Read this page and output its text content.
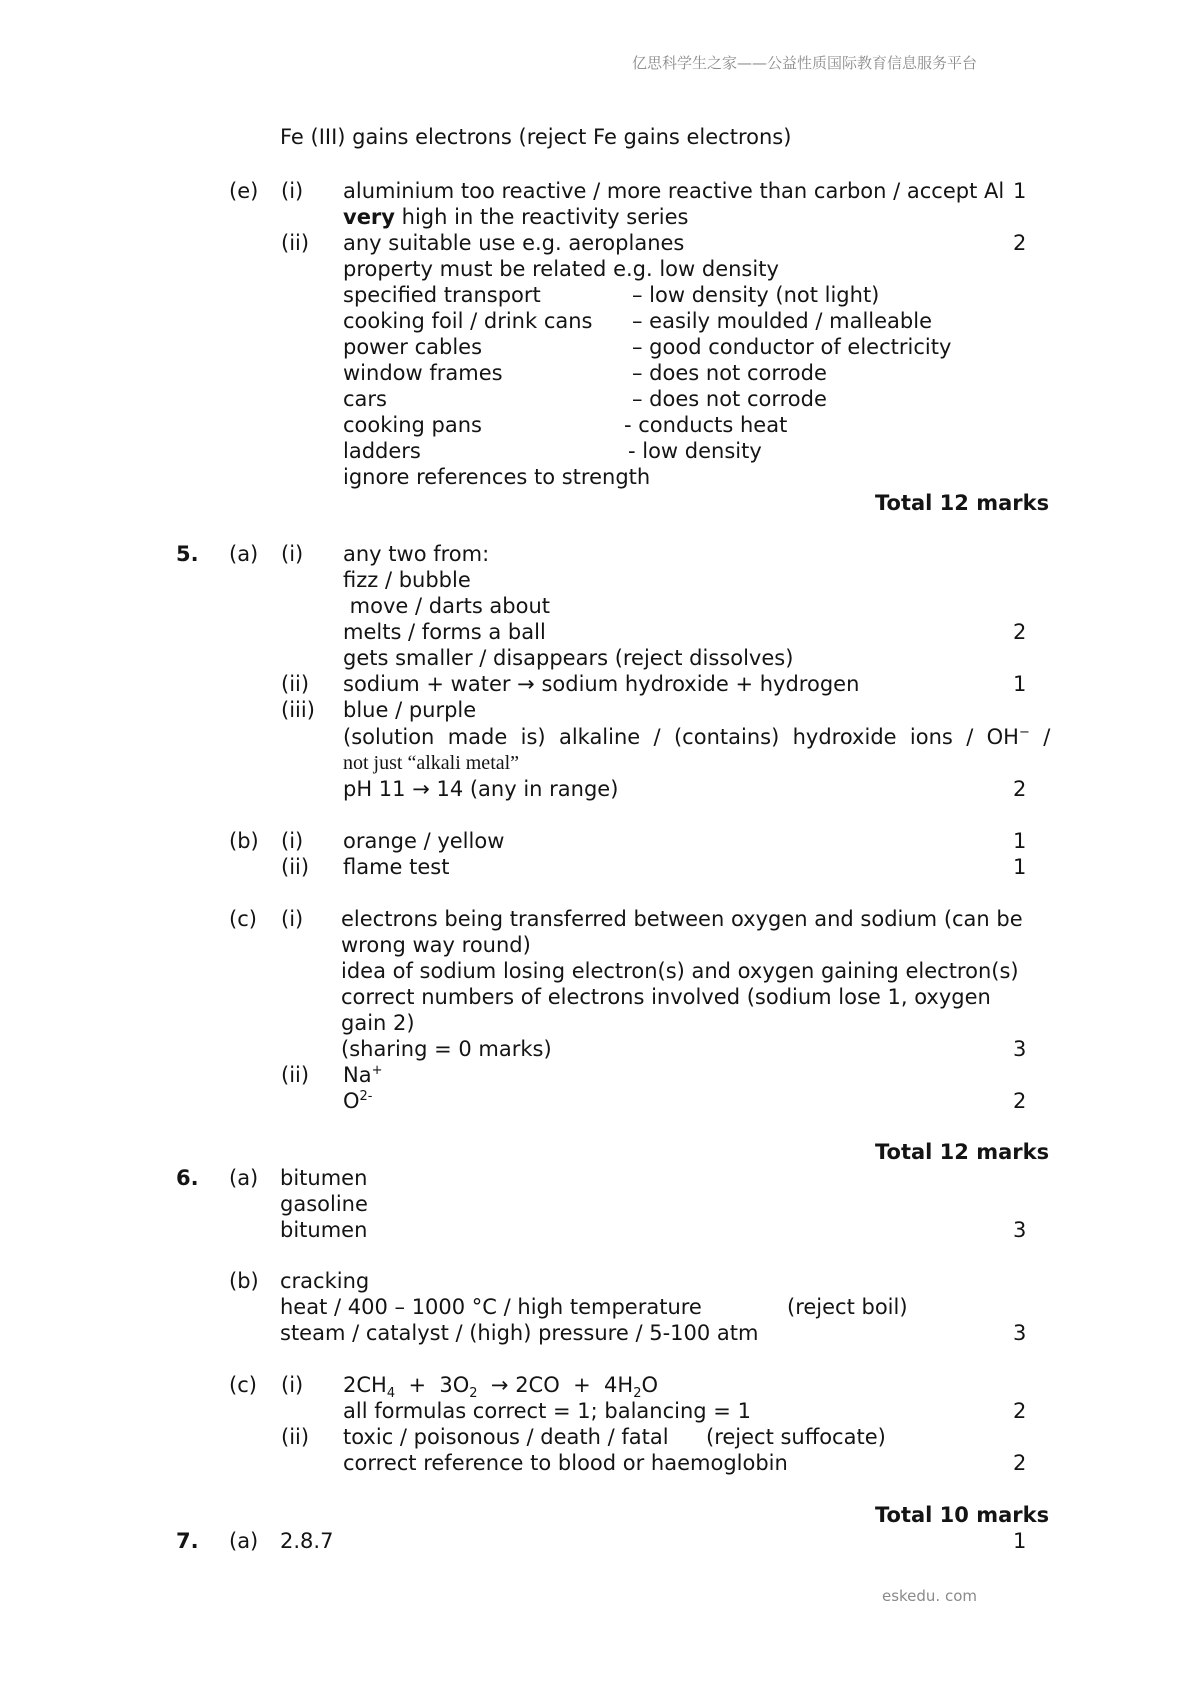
亿思科学生之家——公益性质国际教育信息服务平台
Fe (III) gains electrons (reject Fe gains electrons)
(e) (i) aluminium too reactive / more reactive than carbon / accept Al 1
very high in the reactivity series
(ii) any suitable use e.g. aeroplanes	2
property must be related e.g. low density
specified transport	– low density (not light)
cooking foil / drink cans – easily moulded / malleable
power cables	– good conductor of electricity
window frames	– does not corrode
cars	– does not corrode
cooking pans	- conducts heat
ladders	- low density
ignore references to strength
Total 12 marks
5. (a) (i) any two from:
fizz / bubble
move / darts about
melts / forms a ball	2
gets smaller / disappears (reject dissolves)
(ii) sodium + water → sodium hydroxide + hydrogen	1
(iii) blue / purple
(solution  made  is)  alkaline  /  (contains)  hydroxide  ions  /  OH−  /
not just “alkali metal”
pH 11 → 14 (any in range)	2
(b) (i) orange / yellow	1
(ii) flame test	1
(c) (i) electrons being transferred between oxygen and sodium (can be
wrong way round)
idea of sodium losing electron(s) and oxygen gaining electron(s)
correct numbers of electrons involved (sodium lose 1, oxygen
gain 2)
(sharing = 0 marks)	3
(ii) Na+
$O^{2-}$	2
Total 12 marks
6. (a) bitumen
gasoline
bitumen	3
(b) cracking
heat / 400 – 1000 °C / high temperature	(reject boil)
steam / catalyst / (high) pressure / 5-100 atm	3
(c) (i) $2CH_4 + 3O_2 \to 2CO + 4H_2O$
all formulas correct = 1; balancing = 1	2
(ii) toxic / poisonous / death / fatal (reject suffocate)
correct reference to blood or haemoglobin	2
Total 10 marks
7. (a) 2.8.7	1
eskedu. com
